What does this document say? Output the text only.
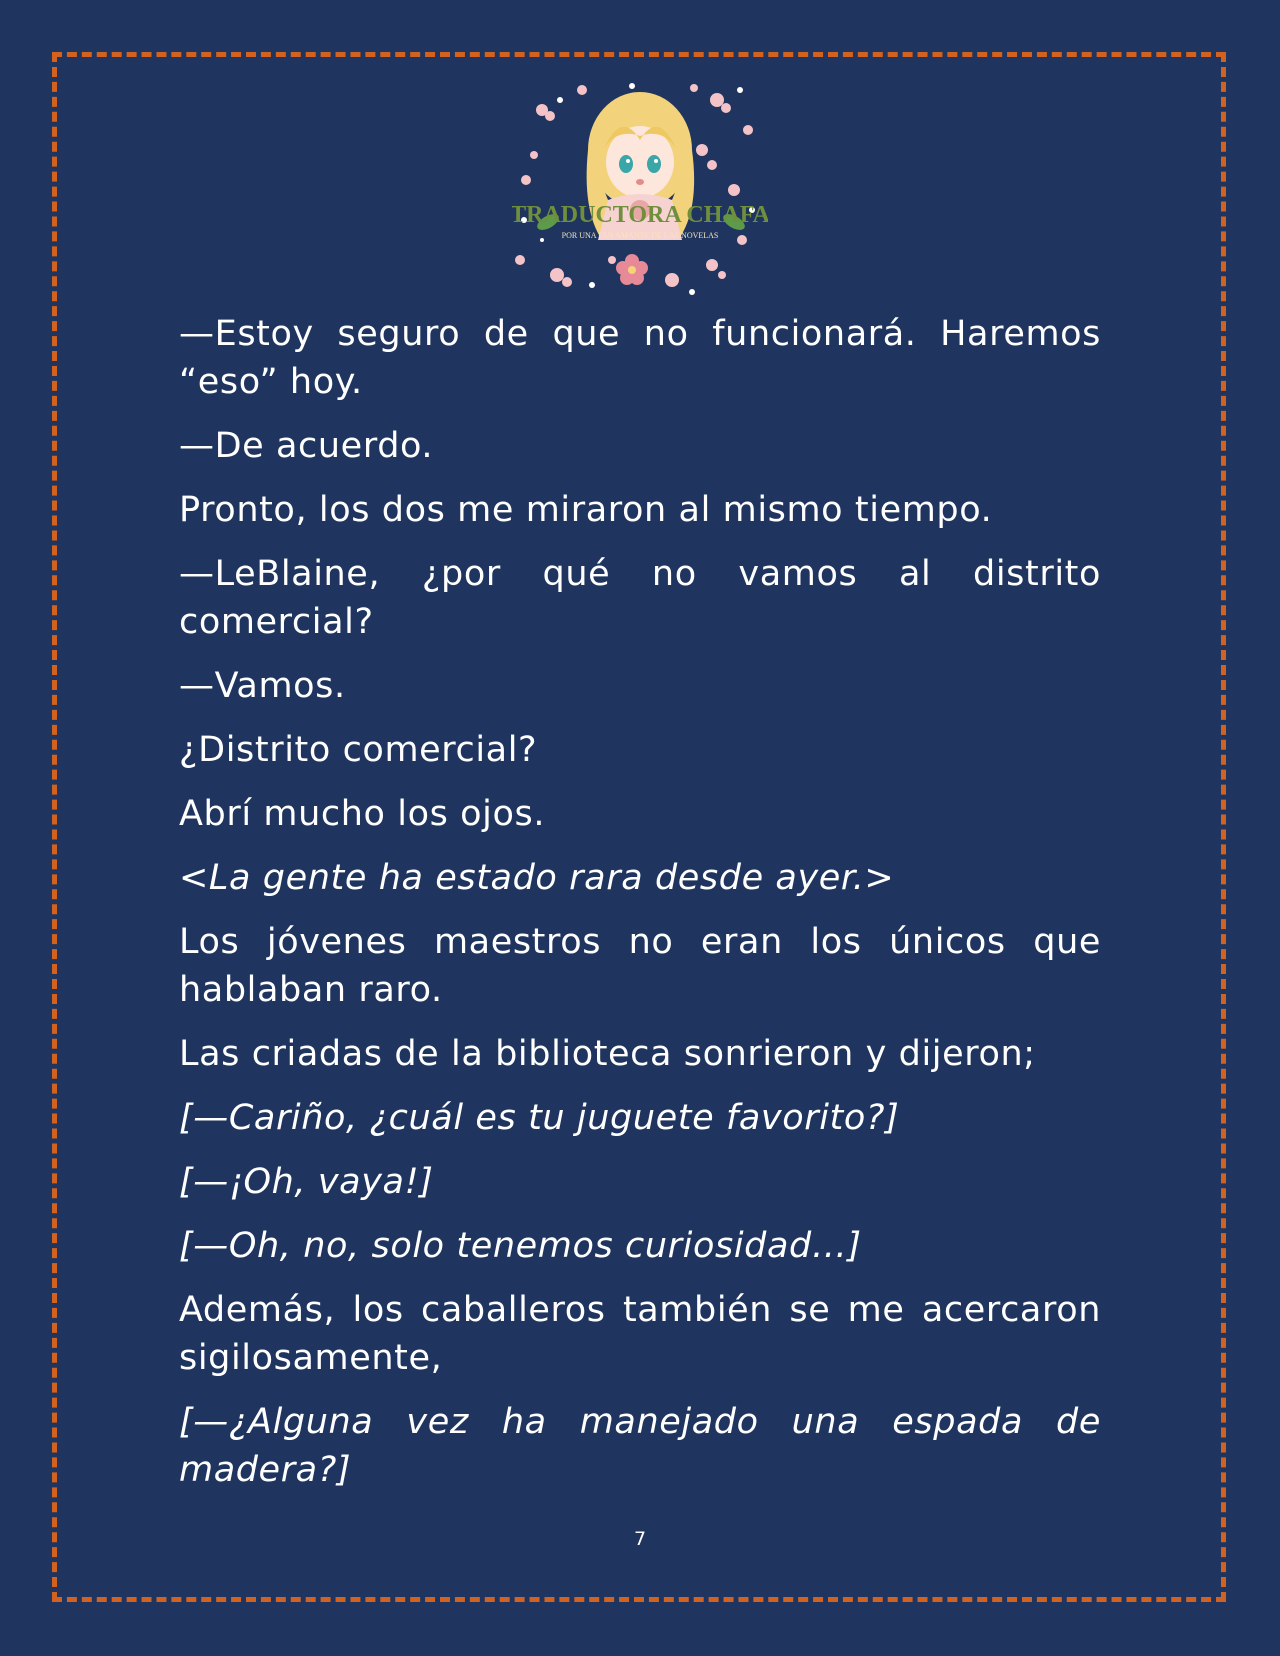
TRADUCTORA CHAFA
POR UNA FAN AMANTE DE LAS NOVELAS

—Estoy seguro de que no funcionará. Haremos “eso” hoy.

—De acuerdo.

Pronto, los dos me miraron al mismo tiempo.

—LeBlaine, ¿por qué no vamos al distrito comercial?

—Vamos.

¿Distrito comercial?

Abrí mucho los ojos.

<La gente ha estado rara desde ayer.>

Los jóvenes maestros no eran los únicos que hablaban raro.

Las criadas de la biblioteca sonrieron y dijeron;

[—Cariño, ¿cuál es tu juguete favorito?]

[—¡Oh, vaya!]

[—Oh, no, solo tenemos curiosidad…]

Además, los caballeros también se me acercaron sigilosamente,

[—¿Alguna vez ha manejado una espada de madera?]

7
